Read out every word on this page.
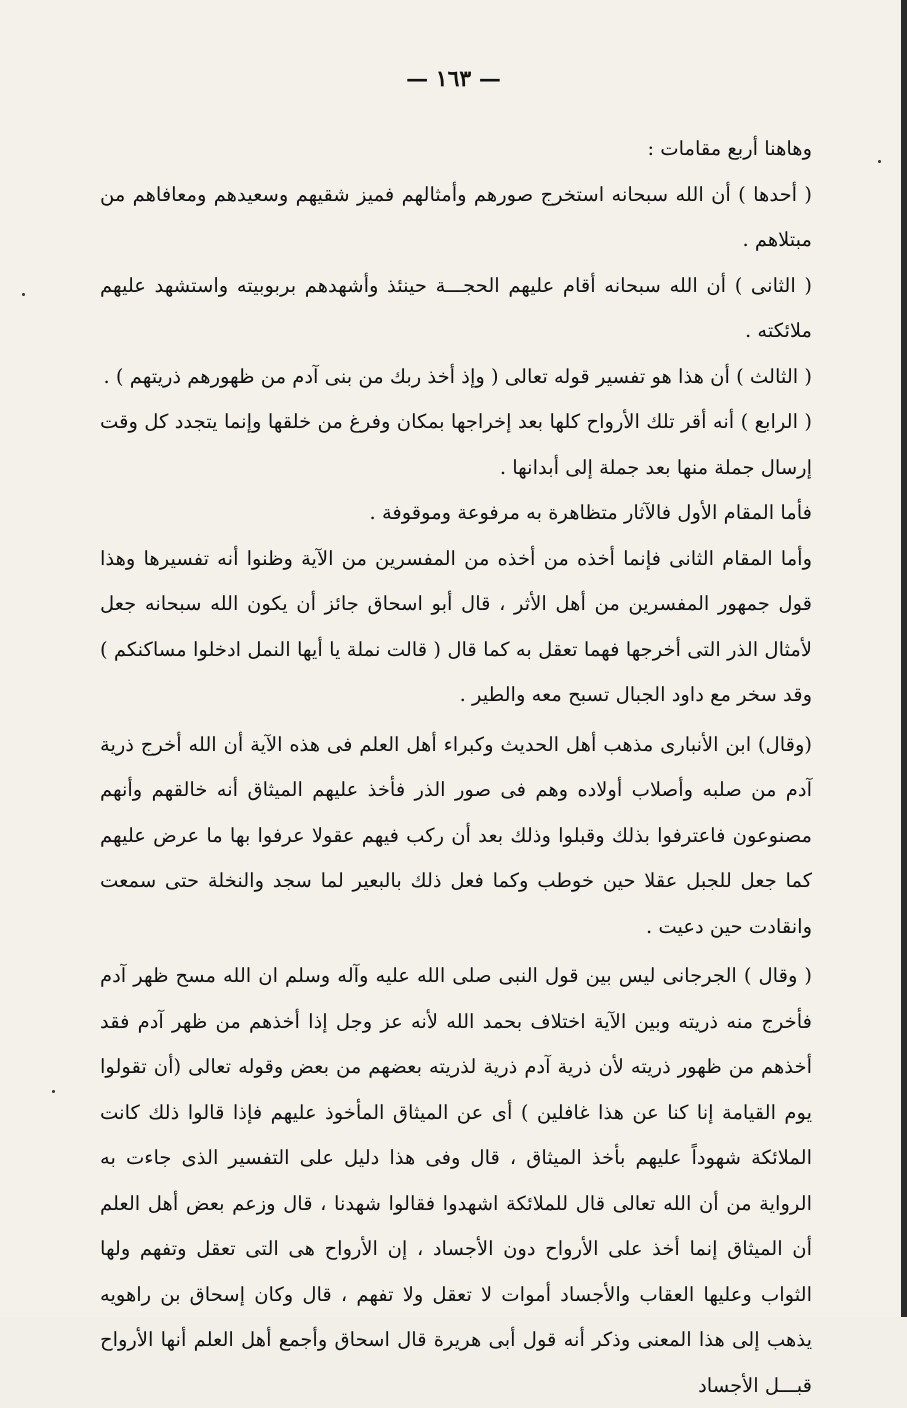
— ١٦٣ —

وهاهنا أربع مقامات :

( أحدها ) أن الله سبحانه استخرج صورهم وأمثالهم فميز شقيهم وسعيدهم ومعافاهم من مبتلاهم .

( الثانى ) أن الله سبحانه أقام عليهم الحجـــة حينئذ وأشهدهم بربوبيته واستشهد عليهم ملائكته .

( الثالث ) أن هذا هو تفسير قوله تعالى ( وإذ أخذ ربك من بنى آدم من ظهورهم ذريتهم ) .

( الرابع ) أنه أقر تلك الأرواح كلها بعد إخراجها بمكان وفرغ من خلقها وإنما يتجدد كل وقت إرسال جملة منها بعد جملة إلى أبدانها .

فأما المقام الأول فالآثار متظاهرة به مرفوعة وموقوفة .

وأما المقام الثانى فإنما أخذه من أخذه من المفسرين من الآية وظنوا أنه تفسيرها وهذا قول جمهور المفسرين من أهل الأثر ، قال أبو اسحاق جائز أن يكون الله سبحانه جعل لأمثال الذر التى أخرجها فهما تعقل به كما قال ( قالت نملة يا أيها النمل ادخلوا مساكنكم ) وقد سخر مع داود الجبال تسبح معه والطير .

(وقال) ابن الأنبارى مذهب أهل الحديث وكبراء أهل العلم فى هذه الآية أن الله أخرج ذرية آدم من صلبه وأصلاب أولاده وهم فى صور الذر فأخذ عليهم الميثاق أنه خالقهم وأنهم مصنوعون فاعترفوا بذلك وقبلوا وذلك بعد أن ركب فيهم عقولا عرفوا بها ما عرض عليهم كما جعل للجبل عقلا حين خوطب وكما فعل ذلك بالبعير لما سجد والنخلة حتى سمعت وانقادت حين دعيت .

( وقال ) الجرجانى ليس بين قول النبى صلى الله عليه وآله وسلم ان الله مسح ظهر آدم فأخرج منه ذريته وبين الآية اختلاف بحمد الله لأنه عز وجل إذا أخذهم من ظهر آدم فقد أخذهم من ظهور ذريته لأن ذرية آدم ذرية لذريته بعضهم من بعض وقوله تعالى (أن تقولوا يوم القيامة إنا كنا عن هذا غافلين ) أى عن الميثاق المأخوذ عليهم فإذا قالوا ذلك كانت الملائكة شهوداً عليهم بأخذ الميثاق ، قال وفى هذا دليل على التفسير الذى جاءت به الرواية من أن الله تعالى قال للملائكة اشهدوا فقالوا شهدنا ، قال وزعم بعض أهل العلم أن الميثاق إنما أخذ على الأرواح دون الأجساد ، إن الأرواح هى التى تعقل وتفهم ولها الثواب وعليها العقاب والأجساد أموات لا تعقل ولا تفهم ، قال وكان إسحاق بن راهويه يذهب إلى هذا المعنى وذكر أنه قول أبى هريرة قال اسحاق وأجمع أهل العلم أنها الأرواح قبـــل الأجساد
